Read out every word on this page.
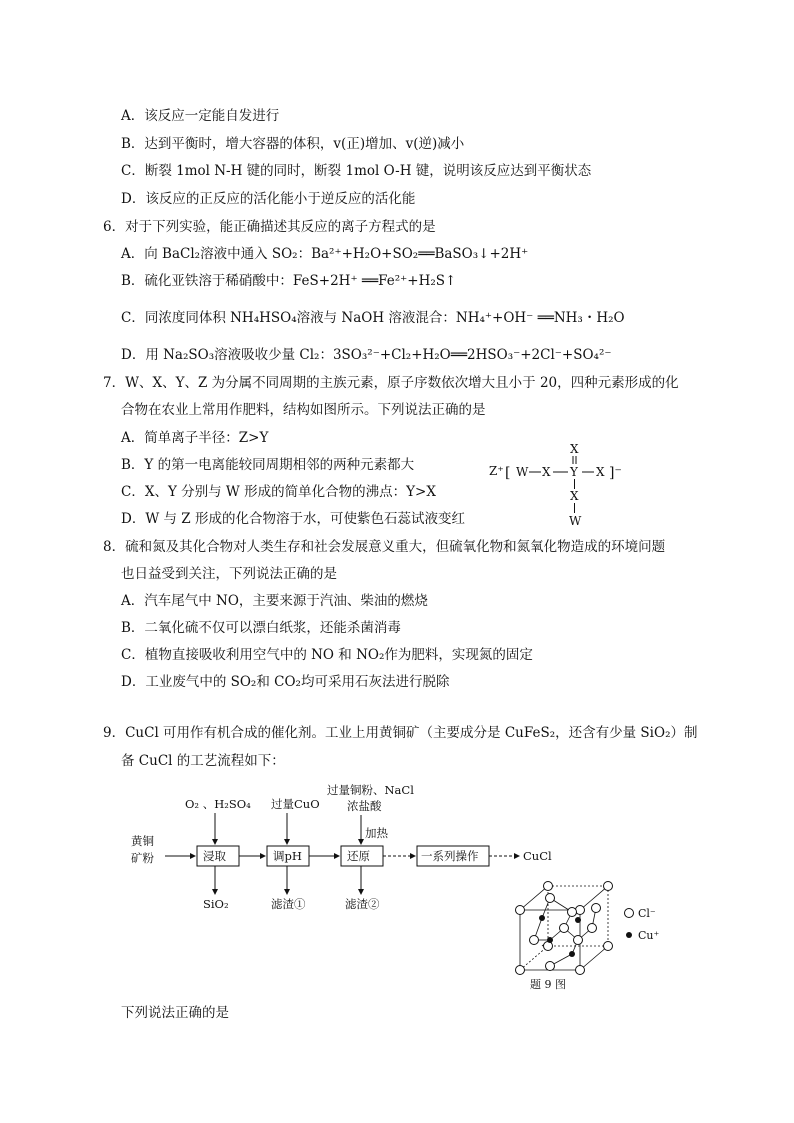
A．该反应一定能自发进行
B．达到平衡时，增大容器的体积，v(正)增加、v(逆)减小
C．断裂 1mol N-H 键的同时，断裂 1mol O-H 键，说明该反应达到平衡状态
D．该反应的正反应的活化能小于逆反应的活化能
6．对于下列实验，能正确描述其反应的离子方程式的是
A．向 BaCl₂溶液中通入 SO₂：Ba²⁺+H₂O+SO₂══BaSO₃↓+2H⁺
B．硫化亚铁溶于稀硝酸中：FeS+2H⁺ ══Fe²⁺+H₂S↑
C．同浓度同体积 NH₄HSO₄溶液与 NaOH 溶液混合：NH₄⁺+OH⁻ ══NH₃・H₂O
D．用 Na₂SO₃溶液吸收少量 Cl₂：3SO₃²⁻+Cl₂+H₂O══2HSO₃⁻+2Cl⁻+SO₄²⁻
7．W、X、Y、Z 为分属不同周期的主族元素，原子序数依次增大且小于 20，四种元素形成的化
合物在农业上常用作肥料，结构如图所示。下列说法正确的是
A．简单离子半径：Z>Y
B．Y 的第一电离能较同周期相邻的两种元素都大
C．X、Y 分别与 W 形成的简单化合物的沸点：Y>X
D．W 与 Z 形成的化合物溶于水，可使紫色石蕊试液变红
Z⁺ [ W X Y
X
X
X
W
]⁻
8．硫和氮及其化合物对人类生存和社会发展意义重大，但硫氧化物和氮氧化物造成的环境问题
也日益受到关注，下列说法正确的是
A．汽车尾气中 NO，主要来源于汽油、柴油的燃烧
B．二氧化硫不仅可以漂白纸浆，还能杀菌消毒
C．植物直接吸收利用空气中的 NO 和 NO₂作为肥料，实现氮的固定
D．工业废气中的 SO₂和 CO₂均可采用石灰法进行脱除
9．CuCl 可用作有机合成的催化剂。工业上用黄铜矿（主要成分是 CuFeS₂，还含有少量 SiO₂）制
备 CuCl 的工艺流程如下：
黄铜
矿粉
O₂ 、H₂SO₄ 过量CuO
过量铜粉、NaCl
浓盐酸
加热
浸取	调pH	还原	一系列操作	CuCl
SiO₂	滤渣①	滤渣②
Cl⁻
Cu⁺
题 9 图
下列说法正确的是
